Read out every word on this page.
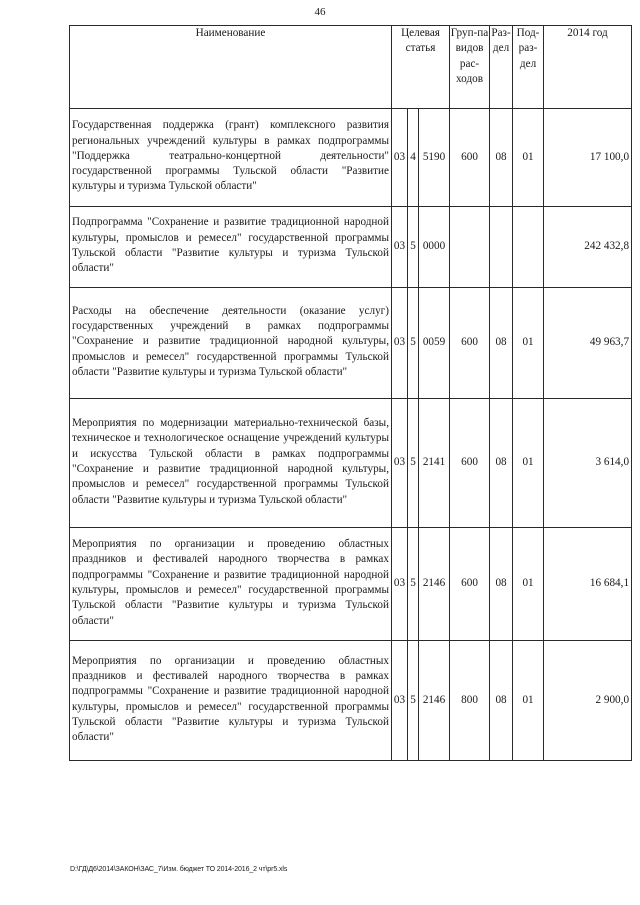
46
Наименование	Целевая статья			Груп-па видов рас-ходов	Раз-дел	Под-раз-дел	2014 год
Государственная поддержка (грант) комплексного развития региональных учреждений культуры в рамках подпрограммы "Поддержка театрально-концертной деятельности" государственной программы Тульской области "Развитие культуры и туризма Тульской области"	03	4	5190	600	08	01	17 100,0
Подпрограмма "Сохранение и развитие традиционной народной культуры, промыслов и ремесел" государственной программы Тульской области "Развитие культуры и туризма Тульской области"	03	5	0000				242 432,8
Расходы на обеспечение деятельности (оказание услуг) государственных учреждений в рамках подпрограммы "Сохранение и развитие традиционной народной культуры, промыслов и ремесел" государственной программы Тульской области "Развитие культуры и туризма Тульской области"	03	5	0059	600	08	01	49 963,7
Мероприятия по модернизации материально-технической базы, техническое и технологическое оснащение учреждений культуры и искусства Тульской области в рамках подпрограммы "Сохранение и развитие традиционной народной культуры, промыслов и ремесел" государственной программы Тульской области "Развитие культуры и туризма Тульской области"	03	5	2141	600	08	01	3 614,0
Мероприятия по организации и проведению областных праздников и фестивалей народного творчества в рамках подпрограммы "Сохранение и развитие традиционной народной культуры, промыслов и ремесел" государственной программы Тульской области "Развитие культуры и туризма Тульской области"	03	5	2146	600	08	01	16 684,1
Мероприятия по организации и проведению областных праздников и фестивалей народного творчества в рамках подпрограммы "Сохранение и развитие традиционной народной культуры, промыслов и ремесел" государственной программы Тульской области "Развитие культуры и туризма Тульской области"	03	5	2146	800	08	01	2 900,0
D:\ГД\Д6\2014\ЗАКОН\ЗАС_7\Изм. бюджет ТО 2014-2016_2 чт\pr5.xls
